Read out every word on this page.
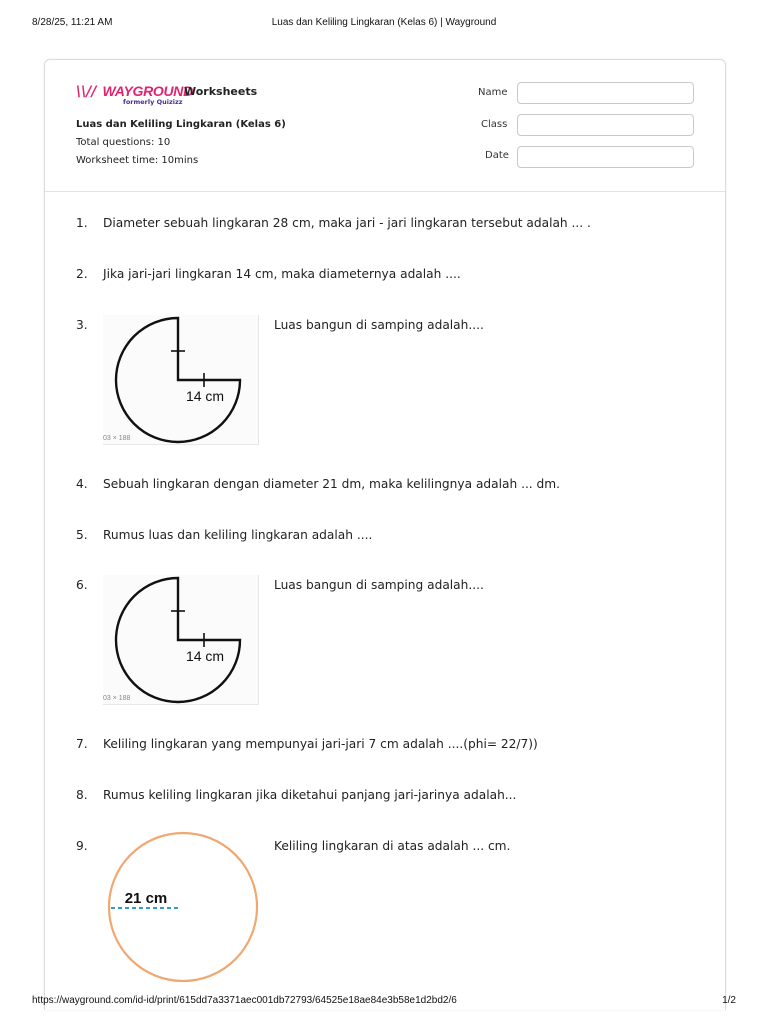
8/28/25, 11:21 AM	Luas dan Keliling Lingkaran (Kelas 6) | Wayground
\\// WAYGROUND
formerly Quizizz
Worksheets
Luas dan Keliling Lingkaran (Kelas 6)
Total questions: 10
Worksheet time: 10mins
Name
Class
Date
1. Diameter sebuah lingkaran 28 cm, maka jari - jari lingkaran tersebut adalah ... .
2. Jika jari-jari lingkaran 14 cm, maka diameternya adalah ....
3.	Luas bangun di samping adalah....
14 cm
03 × 188
4. Sebuah lingkaran dengan diameter 21 dm, maka kelilingnya adalah ... dm.
5. Rumus luas dan keliling lingkaran adalah ....
6.	Luas bangun di samping adalah....
14 cm
03 × 188
7. Keliling lingkaran yang mempunyai jari-jari 7 cm adalah ....(phi= 22/7))
8. Rumus keliling lingkaran jika diketahui panjang jari-jarinya adalah...
9.	Keliling lingkaran di atas adalah ... cm.
21 cm
https://wayground.com/id-id/print/615dd7a3371aec001db72793/64525e18ae84e3b58e1d2bd2/6	1/2
